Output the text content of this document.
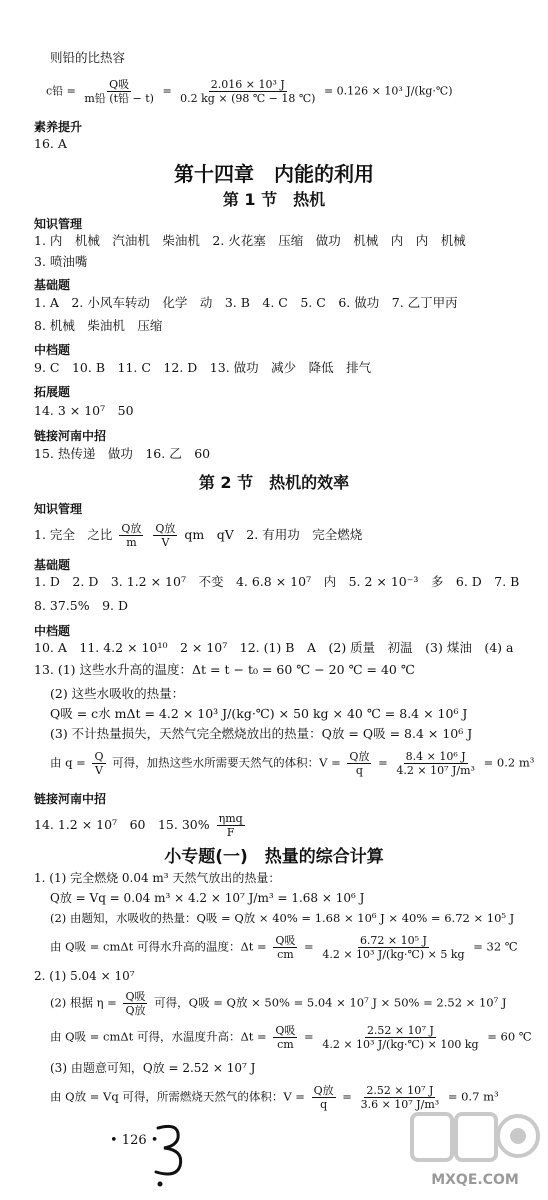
则铅的比热容
c铅 = $\frac{\text{Q吸}}{\text{m铅 (t铅 − t)}} = \frac{\text{2.016 × 10³ J}}{0.2 kg \times (98 ℃ - 18 ℃)} = 0.126 \times 10^3$ J/(kg·℃)
素养提升
16. A
第十四章　内能的利用
第 1 节　热机
知识管理
1. 内　机械　汽油机　柴油机　2. 火花塞　压缩　做功　机械　内　内　机械
3. 喷油嘴
基础题
1. A　2. 小风车转动　化学　动　3. B　4. C　5. C　6. 做功　7. 乙丁甲丙
8. 机械　柴油机　压缩
中档题
9. C　10. B　11. C　12. D　13. 做功　减少　降低　排气
拓展题
14. 3 × 10⁷　50
链接河南中招
15. 热传递　做功　16. 乙　60
第 2 节　热机的效率
知识管理
1. 完全　之比 $\frac{\text{Q放}}{m}$
$\frac{\text{Q放}}{V}$ qm　qV　2. 有用功　完全燃烧
基础题
1. D　2. D　3. 1.2 × 10⁷　不变　4. 6.8 × 10⁷　内　5. 2 × 10⁻³　多　6. D　7. B
8. 37.5%　9. D
中档题
10. A　11. 4.2 × 10¹⁰　2 × 10⁷　12. (1) B　A　(2) 质量　初温　(3) 煤油　(4) a
13. (1) 这些水升高的温度：Δt = t − t₀ = 60 ℃ − 20 ℃ = 40 ℃
(2) 这些水吸收的热量：
Q吸 = c水 mΔt = 4.2 × 10³ J/(kg·℃) × 50 kg × 40 ℃ = 8.4 × 10⁶ J
(3) 不计热量损失，天然气完全燃烧放出的热量：Q放 = Q吸 = 8.4 × 10⁶ J
由 $q = \frac{Q}{V}$ 可得，加热这些水所需要天然气的体积：$V = \frac{\text{Q放}}{q} = \frac{\text{8.4 × 10⁶ J}}{\text{4.2 × 10⁷ J/m³}} = 0.2$ m³
链接河南中招
14. 1.2 × 10⁷　60　15. $30\% \frac{\text{ηmq}}{F}$
小专题(一)　热量的综合计算
1. (1) 完全燃烧 0.04 m³ 天然气放出的热量：
Q放 = Vq = 0.04 m³ × 4.2 × 10⁷ J/m³ = 1.68 × 10⁶ J
(2) 由题知，水吸收的热量：Q吸 = Q放 × 40% = 1.68 × 10⁶ J × 40% = 6.72 × 10⁵ J
由 Q吸 = cmΔt 可得水升高的温度：$\Delta t = \frac{\text{Q吸}}{cm} = \frac{\text{6.72 × 10⁵ J}}{\text{4.2 × 10³ J/(kg·℃) × 5 kg}} = 32$ ℃
2. (1) 5.04 × 10⁷
(2) 根据 $\eta = \frac{\text{Q吸}}{\text{Q放}}$ 可得，Q吸 = Q放 × 50% = 5.04 × 10⁷ J × 50% = 2.52 × 10⁷ J
由 Q吸 = cmΔt 可得，水温度升高：$\Delta t = \frac{\text{Q吸}}{cm} = \frac{\text{2.52 × 10⁷ J}}{\text{4.2 × 10³ J/(kg·℃) × 100 kg}} = 60$ ℃
(3) 由题意可知，Q放 = 2.52 × 10⁷ J
由 Q放 = Vq 可得，所需燃烧天然气的体积：$V = \frac{\text{Q放}}{q} = \frac{\text{2.52 × 10⁷ J}}{\text{3.6 × 10⁷ J/m³}} = 0.7$ m³
• 126 •
MXQE.COM
